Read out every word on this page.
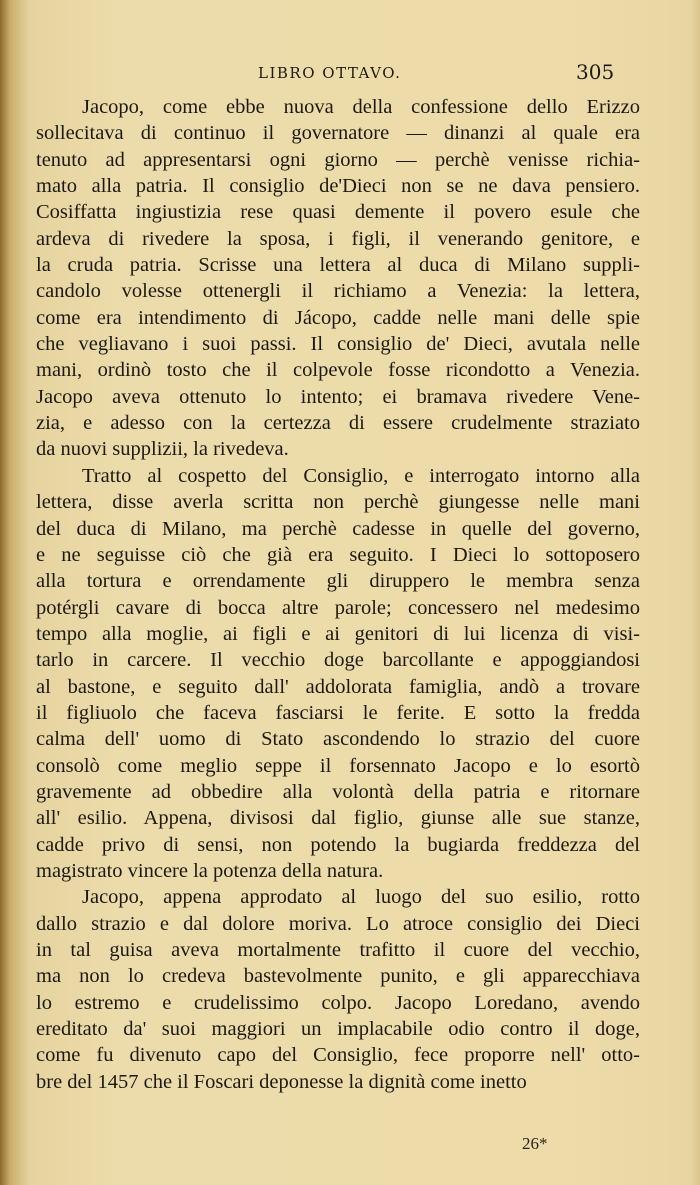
LIBRO OTTAVO.	305

Jacopo, come ebbe nuova della confessione dello Erizzo
sollecitava di continuo il governatore — dinanzi al quale era
tenuto ad appresentarsi ogni giorno — perchè venisse richia-
mato alla patria. Il consiglio de'Dieci non se ne dava pensiero.
Cosiffatta ingiustizia rese quasi demente il povero esule che
ardeva di rivedere la sposa, i figli, il venerando genitore, e
la cruda patria. Scrisse una lettera al duca di Milano suppli-
candolo volesse ottenergli il richiamo a Venezia: la lettera,
come era intendimento di Jácopo, cadde nelle mani delle spie
che vegliavano i suoi passi. Il consiglio de' Dieci, avutala nelle
mani, ordinò tosto che il colpevole fosse ricondotto a Venezia.
Jacopo aveva ottenuto lo intento; ei bramava rivedere Vene-
zia, e adesso con la certezza di essere crudelmente straziato
da nuovi supplizii, la rivedeva.

Tratto al cospetto del Consiglio, e interrogato intorno alla
lettera, disse averla scritta non perchè giungesse nelle mani
del duca di Milano, ma perchè cadesse in quelle del governo,
e ne seguisse ciò che già era seguito. I Dieci lo sottoposero
alla tortura e orrendamente gli diruppero le membra senza
potérgli cavare di bocca altre parole; concessero nel medesimo
tempo alla moglie, ai figli e ai genitori di lui licenza di visi-
tarlo in carcere. Il vecchio doge barcollante e appoggiandosi
al bastone, e seguito dall' addolorata famiglia, andò a trovare
il figliuolo che faceva fasciarsi le ferite. E sotto la fredda
calma dell' uomo di Stato ascondendo lo strazio del cuore
consolò come meglio seppe il forsennato Jacopo e lo esortò
gravemente ad obbedire alla volontà della patria e ritornare
all' esilio. Appena, divisosi dal figlio, giunse alle sue stanze,
cadde privo di sensi, non potendo la bugiarda freddezza del
magistrato vincere la potenza della natura.

Jacopo, appena approdato al luogo del suo esilio, rotto
dallo strazio e dal dolore moriva. Lo atroce consiglio dei Dieci
in tal guisa aveva mortalmente trafitto il cuore del vecchio,
ma non lo credeva bastevolmente punito, e gli apparecchiava
lo estremo e crudelissimo colpo. Jacopo Loredano, avendo
ereditato da' suoi maggiori un implacabile odio contro il doge,
come fu divenuto capo del Consiglio, fece proporre nell' otto-
bre del 1457 che il Foscari deponesse la dignità come inetto

26*
